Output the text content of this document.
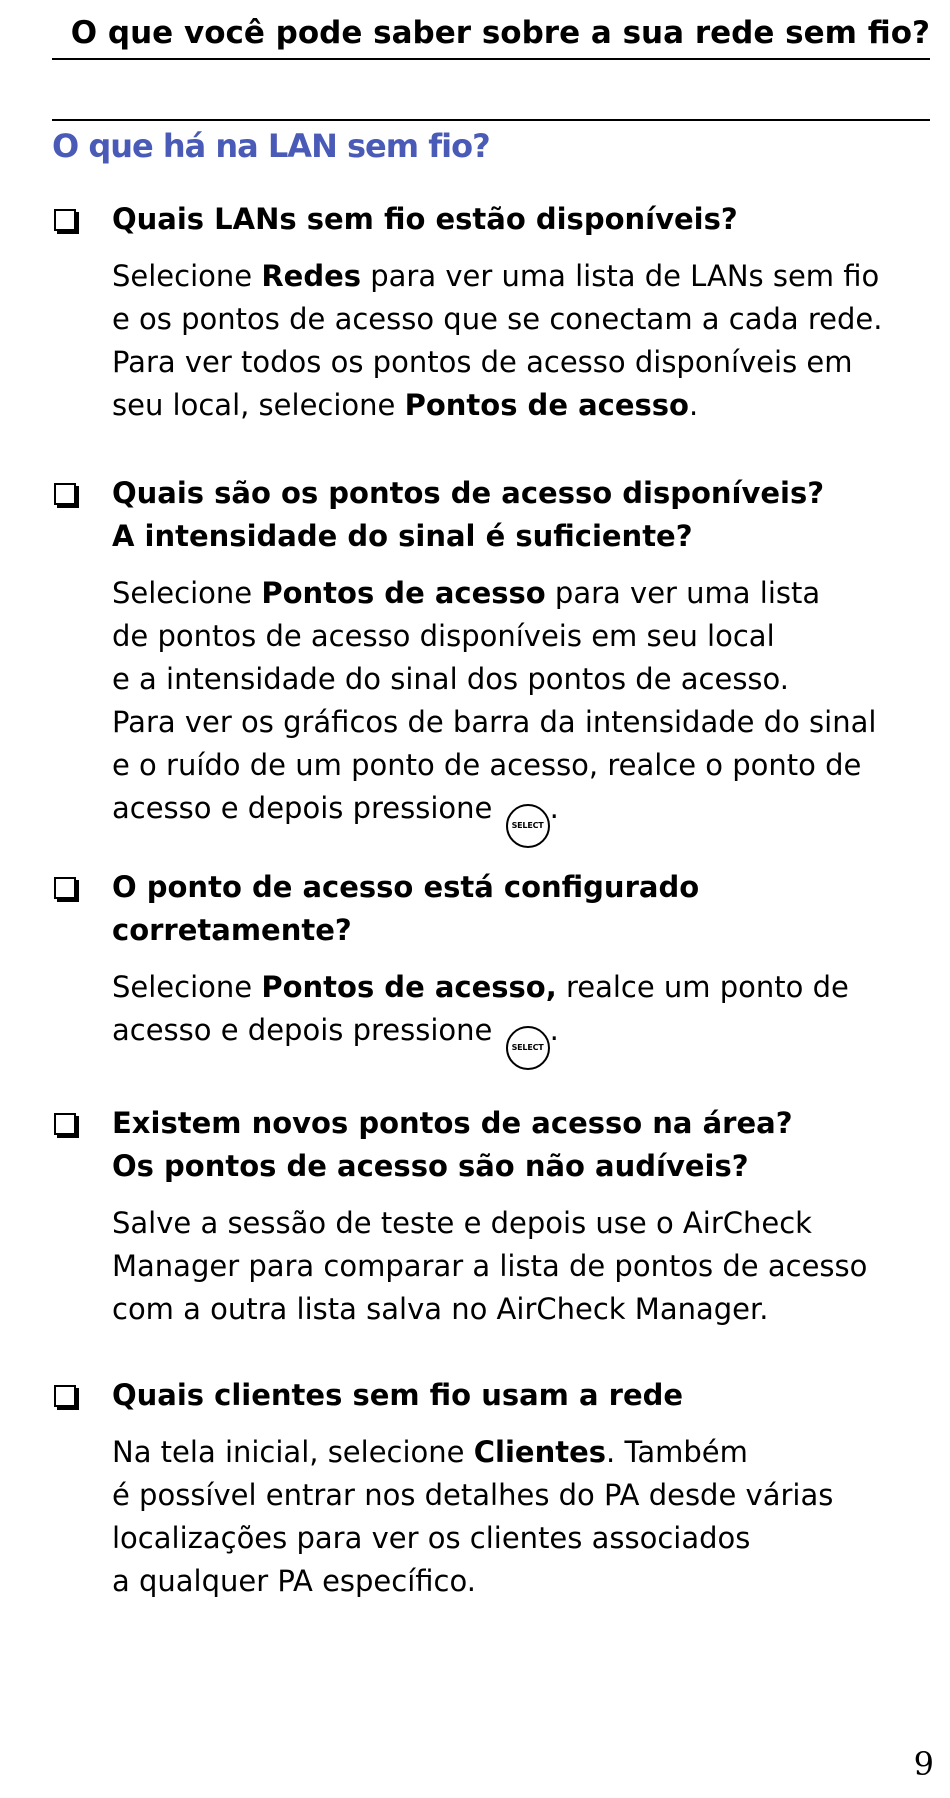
O que você pode saber sobre a sua rede sem fio?
O que há na LAN sem fio?
Quais LANs sem fio estão disponíveis?
Selecione Redes para ver uma lista de LANs sem fio
e os pontos de acesso que se conectam a cada rede.
Para ver todos os pontos de acesso disponíveis em
seu local, selecione Pontos de acesso.
Quais são os pontos de acesso disponíveis?
A intensidade do sinal é suficiente?
Selecione Pontos de acesso para ver uma lista
de pontos de acesso disponíveis em seu local
e a intensidade do sinal dos pontos de acesso.
Para ver os gráficos de barra da intensidade do sinal
e o ruído de um ponto de acesso, realce o ponto de
acesso e depois pressione SELECT.
O ponto de acesso está configurado
corretamente?
Selecione Pontos de acesso, realce um ponto de
acesso e depois pressione SELECT.
Existem novos pontos de acesso na área?
Os pontos de acesso são não audíveis?
Salve a sessão de teste e depois use o AirCheck
Manager para comparar a lista de pontos de acesso
com a outra lista salva no AirCheck Manager.
Quais clientes sem fio usam a rede
Na tela inicial, selecione Clientes. Também
é possível entrar nos detalhes do PA desde várias
localizações para ver os clientes associados
a qualquer PA específico.
9
